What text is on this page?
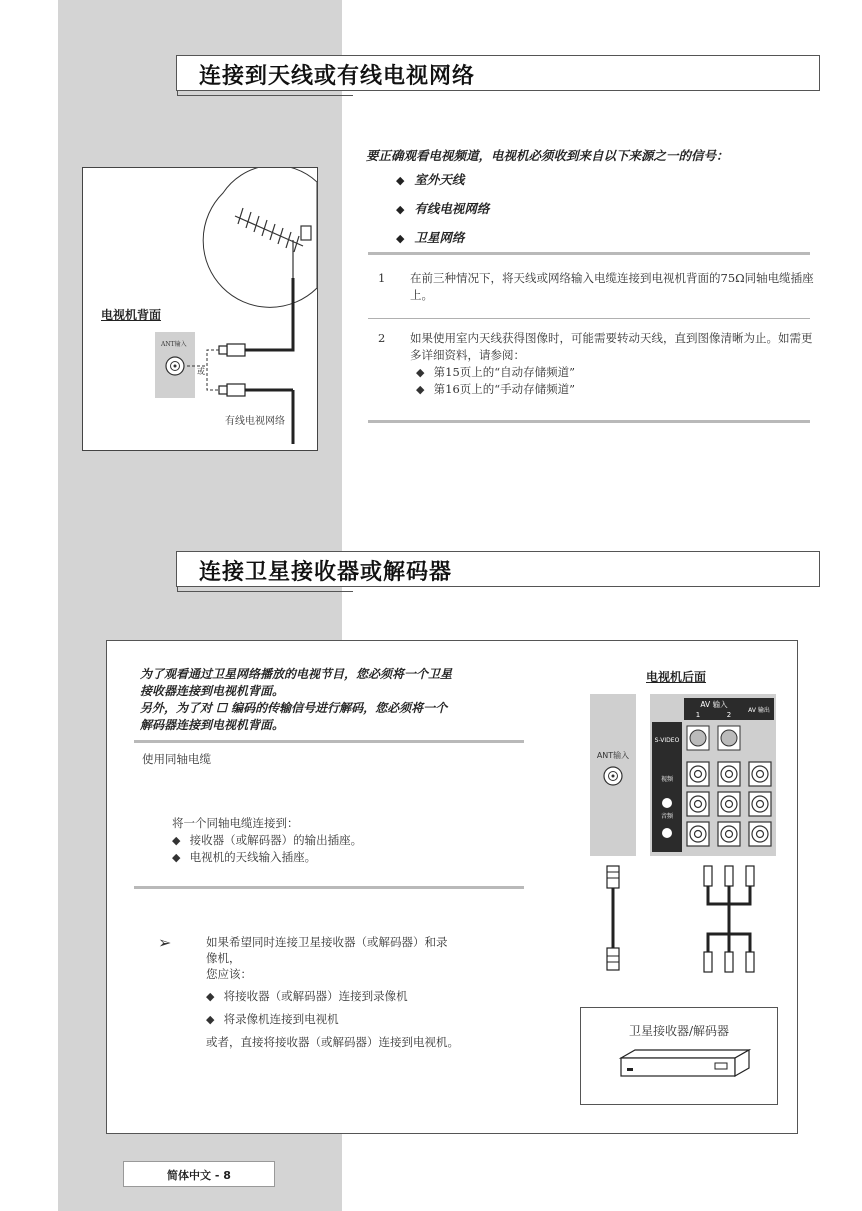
连接到天线或有线电视网络
要正确观看电视频道，电视机必须收到来自以下来源之一的信号：
◆ 室外天线
◆ 有线电视网络
◆ 卫星网络
1	在前三种情况下，将天线或网络输入电缆连接到电视机背面的75Ω同轴电缆插座上。
2	如果使用室内天线获得图像时，可能需要转动天线，直到图像清晰为止。如需更多详细资料，请参阅：
◆ 第15页上的“自动存储频道”
◆ 第16页上的“手动存储频道”
电视机背面
ANT输入
或
有线电视网络
连接卫星接收器或解码器
为了观看通过卫星网络播放的电视节目，您必须将一个卫星
接收器连接到电视机背面。
另外，为了对 ☐ 编码的传输信号进行解码，您必须将一个
解码器连接到电视机背面。
使用同轴电缆
将一个同轴电缆连接到：
◆ 接收器（或解码器）的输出插座。
◆ 电视机的天线输入插座。
➢	如果希望同时连接卫星接收器（或解码器）和录
像机，
您应该：
◆ 将接收器（或解码器）连接到录像机
◆ 将录像机连接到电视机
或者，直接将接收器（或解码器）连接到电视机。
电视机后面
ANT输入
AV 输入
1	2
AV 输出
S-VIDEO
视频
音频
卫星接收器/解码器
简体中文 - 8
